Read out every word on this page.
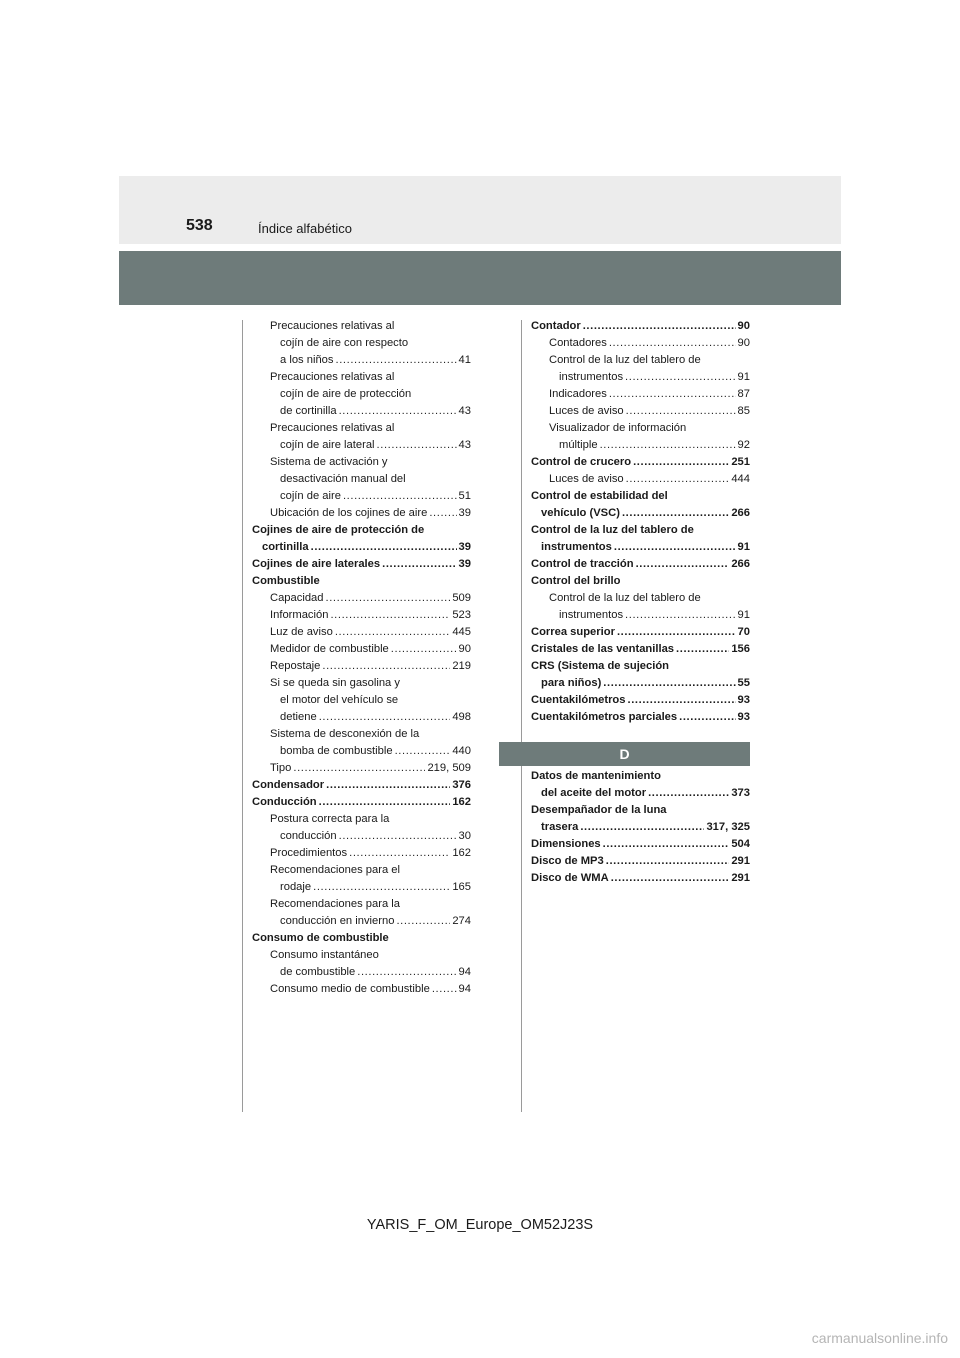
538	Índice alfabético
Precauciones relativas al
cojín de aire con respecto
a los niños .....	41
Precauciones relativas al
cojín de aire de protección
de cortinilla .....	43
Precauciones relativas al
cojín de aire lateral .....	43
Sistema de activación y
desactivación manual del
cojín de aire .....	51
Ubicación de los cojines de aire .....	39
Cojines de aire de protección de
cortinilla .....	39
Cojines de aire laterales .....	39
Combustible
Capacidad .....	509
Información .....	523
Luz de aviso .....	445
Medidor de combustible .....	90
Repostaje .....	219
Si se queda sin gasolina y
el motor del vehículo se
detiene .....	498
Sistema de desconexión de la
bomba de combustible .....	440
Tipo .....	219, 509
Condensador .....	376
Conducción .....	162
Postura correcta para la
conducción .....	30
Procedimientos .....	162
Recomendaciones para el
rodaje .....	165
Recomendaciones para la
conducción en invierno .....	274
Consumo de combustible
Consumo instantáneo
de combustible .....	94
Consumo medio de combustible .....	94
Contador .....	90
Contadores .....	90
Control de la luz del tablero de
instrumentos .....	91
Indicadores .....	87
Luces de aviso .....	85
Visualizador de información
múltiple .....	92
Control de crucero .....	251
Luces de aviso .....	444
Control de estabilidad del
vehículo (VSC) .....	266
Control de la luz del tablero de
instrumentos .....	91
Control de tracción .....	266
Control del brillo
Control de la luz del tablero de
instrumentos .....	91
Correa superior .....	70
Cristales de las ventanillas .....	156
CRS (Sistema de sujeción
para niños) .....	55
Cuentakilómetros .....	93
Cuentakilómetros parciales .....	93
D
Datos de mantenimiento
del aceite del motor .....	373
Desempañador de la luna
trasera .....	317, 325
Dimensiones .....	504
Disco de MP3 .....	291
Disco de WMA .....	291
YARIS_F_OM_Europe_OM52J23S
carmanualsonline.info
